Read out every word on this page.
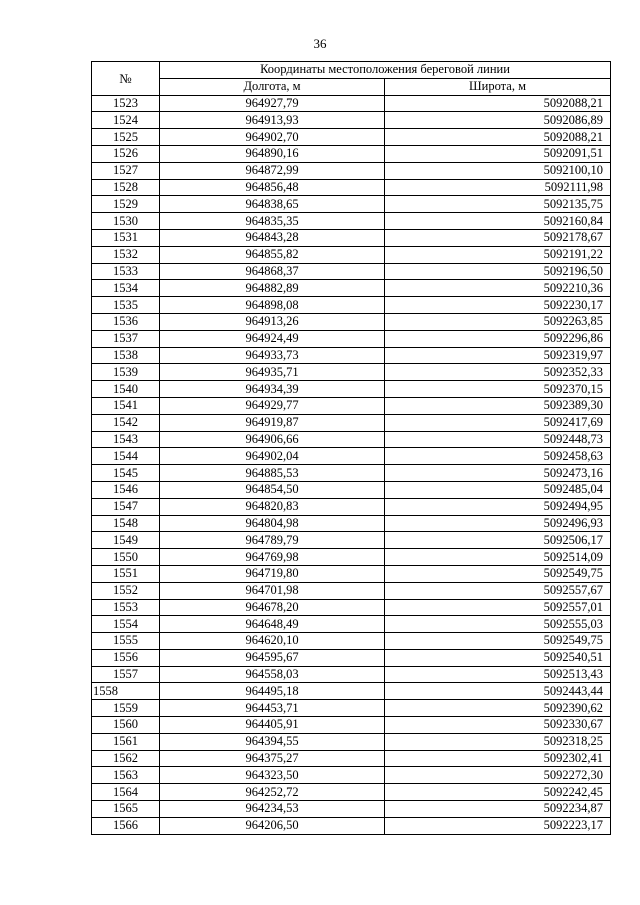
36
№	Координаты местоположения береговой линии	
	Долгота, м	Широта, м
1523	964927,79	5092088,21
1524	964913,93	5092086,89
1525	964902,70	5092088,21
1526	964890,16	5092091,51
1527	964872,99	5092100,10
1528	964856,48	5092111,98
1529	964838,65	5092135,75
1530	964835,35	5092160,84
1531	964843,28	5092178,67
1532	964855,82	5092191,22
1533	964868,37	5092196,50
1534	964882,89	5092210,36
1535	964898,08	5092230,17
1536	964913,26	5092263,85
1537	964924,49	5092296,86
1538	964933,73	5092319,97
1539	964935,71	5092352,33
1540	964934,39	5092370,15
1541	964929,77	5092389,30
1542	964919,87	5092417,69
1543	964906,66	5092448,73
1544	964902,04	5092458,63
1545	964885,53	5092473,16
1546	964854,50	5092485,04
1547	964820,83	5092494,95
1548	964804,98	5092496,93
1549	964789,79	5092506,17
1550	964769,98	5092514,09
1551	964719,80	5092549,75
1552	964701,98	5092557,67
1553	964678,20	5092557,01
1554	964648,49	5092555,03
1555	964620,10	5092549,75
1556	964595,67	5092540,51
1557	964558,03	5092513,43
1558	964495,18	5092443,44
1559	964453,71	5092390,62
1560	964405,91	5092330,67
1561	964394,55	5092318,25
1562	964375,27	5092302,41
1563	964323,50	5092272,30
1564	964252,72	5092242,45
1565	964234,53	5092234,87
1566	964206,50	5092223,17
